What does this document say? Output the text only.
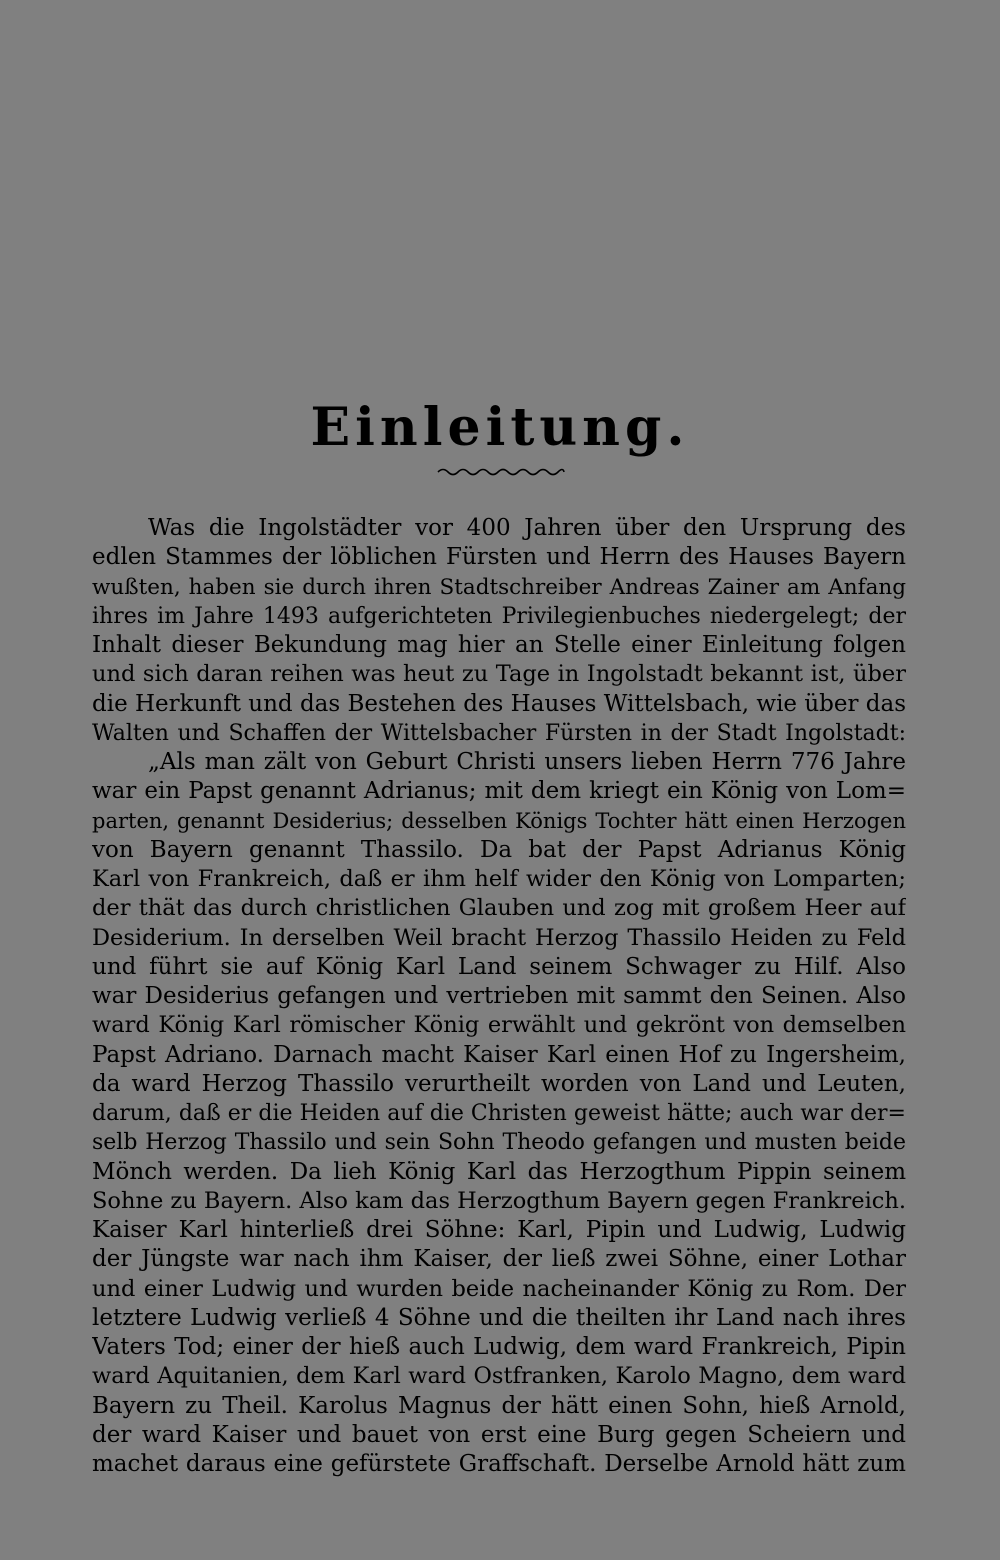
Einleitung.
Was die Ingolstädter vor 400 Jahren über den Ursprung des
edlen Stammes der löblichen Fürsten und Herrn des Hauses Bayern
wußten, haben sie durch ihren Stadtschreiber Andreas Zainer am Anfang
ihres im Jahre 1493 aufgerichteten Privilegienbuches niedergelegt; der
Inhalt dieser Bekundung mag hier an Stelle einer Einleitung folgen
und sich daran reihen was heut zu Tage in Ingolstadt bekannt ist, über
die Herkunft und das Bestehen des Hauses Wittelsbach, wie über das
Walten und Schaffen der Wittelsbacher Fürsten in der Stadt Ingolstadt:
„Als man zält von Geburt Christi unsers lieben Herrn 776 Jahre
war ein Papst genannt Adrianus; mit dem kriegt ein König von Lom=
parten, genannt Desiderius; desselben Königs Tochter hätt einen Herzogen
von Bayern genannt Thassilo. Da bat der Papst Adrianus König
Karl von Frankreich, daß er ihm helf wider den König von Lomparten;
der thät das durch christlichen Glauben und zog mit großem Heer auf
Desiderium. In derselben Weil bracht Herzog Thassilo Heiden zu Feld
und führt sie auf König Karl Land seinem Schwager zu Hilf. Also
war Desiderius gefangen und vertrieben mit sammt den Seinen. Also
ward König Karl römischer König erwählt und gekrönt von demselben
Papst Adriano. Darnach macht Kaiser Karl einen Hof zu Ingersheim,
da ward Herzog Thassilo verurtheilt worden von Land und Leuten,
darum, daß er die Heiden auf die Christen geweist hätte; auch war der=
selb Herzog Thassilo und sein Sohn Theodo gefangen und musten beide
Mönch werden. Da lieh König Karl das Herzogthum Pippin seinem
Sohne zu Bayern. Also kam das Herzogthum Bayern gegen Frankreich.
Kaiser Karl hinterließ drei Söhne: Karl, Pipin und Ludwig, Ludwig
der Jüngste war nach ihm Kaiser, der ließ zwei Söhne, einer Lothar
und einer Ludwig und wurden beide nacheinander König zu Rom. Der
letztere Ludwig verließ 4 Söhne und die theilten ihr Land nach ihres
Vaters Tod; einer der hieß auch Ludwig, dem ward Frankreich, Pipin
ward Aquitanien, dem Karl ward Ostfranken, Karolo Magno, dem ward
Bayern zu Theil. Karolus Magnus der hätt einen Sohn, hieß Arnold,
der ward Kaiser und bauet von erst eine Burg gegen Scheiern und
machet daraus eine gefürstete Graffschaft. Derselbe Arnold hätt zum
